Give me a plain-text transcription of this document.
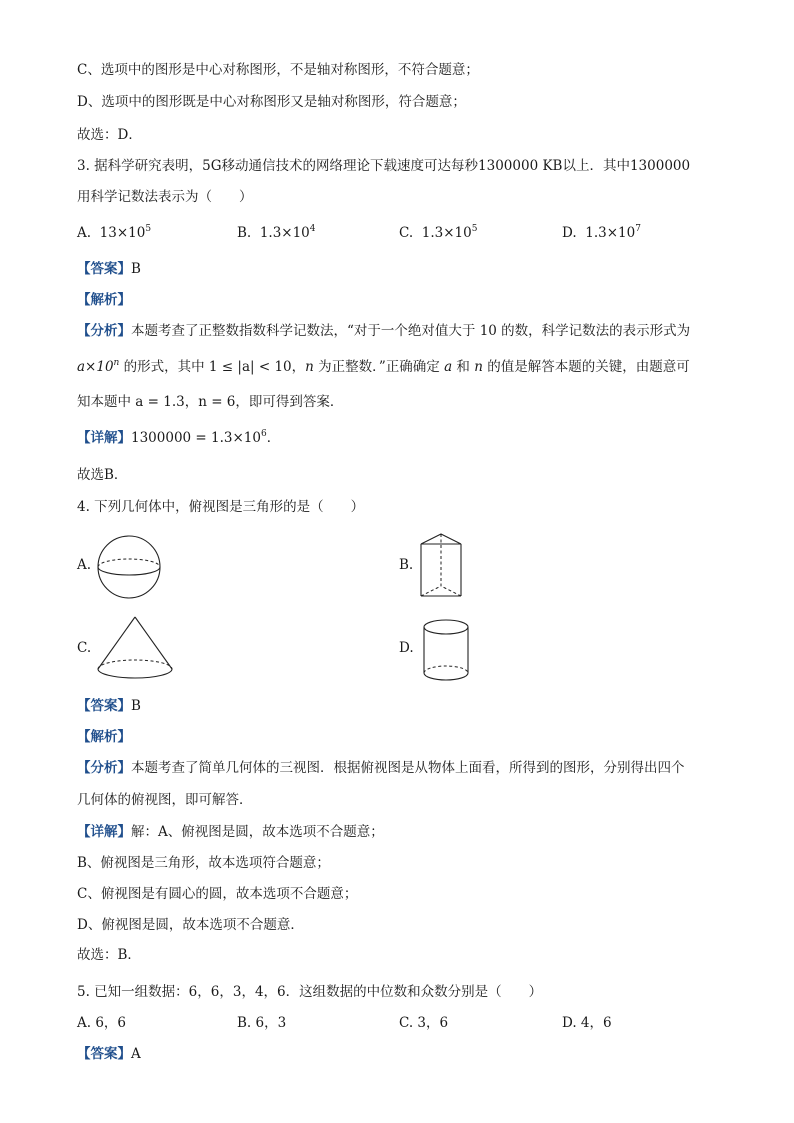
C、选项中的图形是中心对称图形，不是轴对称图形，不符合题意；
D、选项中的图形既是中心对称图形又是轴对称图形，符合题意；
故选：D．
3. 据科学研究表明，5G移动通信技术的网络理论下载速度可达每秒1300000 KB以上．其中1300000
用科学记数法表示为（　　）
A. $13\times 10^5$	B. $1.3\times 10^4$	C. $1.3\times 10^5$	D. $1.3\times 10^7$
【答案】B
【解析】
【分析】本题考查了正整数指数科学记数法，“对于一个绝对值大于 10 的数，科学记数法的表示形式为
$a\times 10^n$ 的形式，其中 1 ≤ |a| < 10，n 为正整数．”正确确定 a 和 n 的值是解答本题的关键，由题意可
知本题中 a = 1.3，n = 6，即可得到答案．
【详解】$1300000 = 1.3\times 10^6$．
故选B．
4. 下列几何体中，俯视图是三角形的是（　　）
A.	B.
C.	D.
【答案】B
【解析】
【分析】本题考查了简单几何体的三视图．根据俯视图是从物体上面看，所得到的图形，分别得出四个
几何体的俯视图，即可解答．
【详解】解：A、俯视图是圆，故本选项不合题意；
B、俯视图是三角形，故本选项符合题意；
C、俯视图是有圆心的圆，故本选项不合题意；
D、俯视图是圆，故本选项不合题意．
故选：B．
5. 已知一组数据：6，6，3，4，6．这组数据的中位数和众数分别是（　　）
A. 6，6	B. 6，3	C. 3，6	D. 4，6
【答案】A
